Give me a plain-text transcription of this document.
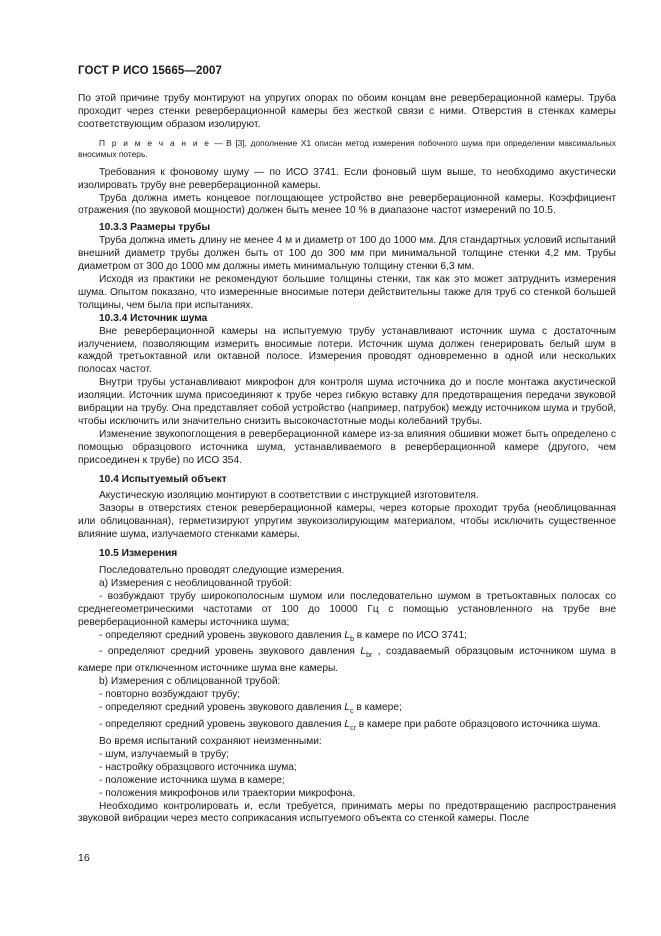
ГОСТ Р ИСО 15665—2007

По этой причине трубу монтируют на упругих опорах по обоим концам вне реверберационной камеры. Труба проходит через стенки реверберационной камеры без жесткой связи с ними. Отверстия в стенках камеры соответствующим образом изолируют.

П р и м е ч а н и е — В [3], дополнение Х1 описан метод измерения побочного шума при определении максимальных вносимых потерь.

Требования к фоновому шуму — по ИСО 3741. Если фоновый шум выше, то необходимо акустически изолировать трубу вне реверберационной камеры.

Труба должна иметь концевое поглощающее устройство вне реверберационной камеры. Коэффициент отражения (по звуковой мощности) должен быть менее 10 % в диапазоне частот измерений по 10.5.

10.3.3 Размеры трубы

Труба должна иметь длину не менее 4 м и диаметр от 100 до 1000 мм. Для стандартных условий испытаний внешний диаметр трубы должен быть от 100 до 300 мм при минимальной толщине стенки 4,2 мм. Трубы диаметром от 300 до 1000 мм должны иметь минимальную толщину стенки 6,3 мм.

Исходя из практики не рекомендуют большие толщины стенки, так как это может затруднить измерения шума. Опытом показано, что измеренные вносимые потери действительны также для труб со стенкой большей толщины, чем была при испытаниях.

10.3.4 Источник шума

Вне реверберационной камеры на испытуемую трубу устанавливают источник шума с достаточным излучением, позволяющим измерить вносимые потери. Источник шума должен генерировать белый шум в каждой третьоктавной или октавной полосе. Измерения проводят одновременно в одной или нескольких полосах частот.

Внутри трубы устанавливают микрофон для контроля шума источника до и после монтажа акустической изоляции. Источник шума присоединяют к трубе через гибкую вставку для предотвращения передачи звуковой вибрации на трубу. Она представляет собой устройство (например, патрубок) между источником шума и трубой, чтобы исключить или значительно снизить высокочастотные моды колебаний трубы.

Изменение звукопоглощения в реверберационной камере из-за влияния обшивки может быть определено с помощью образцового источника шума, устанавливаемого в реверберационной камере (другого, чем присоединен к трубе) по ИСО 354.

10.4 Испытуемый объект

Акустическую изоляцию монтируют в соответствии с инструкцией изготовителя.

Зазоры в отверстиях стенок реверберационной камеры, через которые проходит труба (необлицованная или облицованная), герметизируют упругим звукоизолирующим материалом, чтобы исключить существенное влияние шума, излучаемого стенками камеры.

10.5 Измерения

Последовательно проводят следующие измерения.

a) Измерения с необлицованной трубой:

- возбуждают трубу широкополосным шумом или последовательно шумом в третьоктавных полосах со среднегеометрическими частотами от 100 до 10000 Гц с помощью установленного на трубе вне реверберационной камеры источника шума;

- определяют средний уровень звукового давления $L_b$ в камере по ИСО 3741;

- определяют средний уровень звукового давления $L_{br}$ , создаваемый образцовым источником шума в камере при отключенном источнике шума вне камеры.

b) Измерения с облицованной трубой:

- повторно возбуждают трубу;

- определяют средний уровень звукового давления $L_c$ в камере;

- определяют средний уровень звукового давления $L_{cr}$ в камере при работе образцового источника шума.

Во время испытаний сохраняют неизменными:

- шум, излучаемый в трубу;

- настройку образцового источника шума;

- положение источника шума в камере;

- положения микрофонов или траектории микрофона.

Необходимо контролировать и, если требуется, принимать меры по предотвращению распространения звуковой вибрации через место соприкасания испытуемого объекта со стенкой камеры. После

16
